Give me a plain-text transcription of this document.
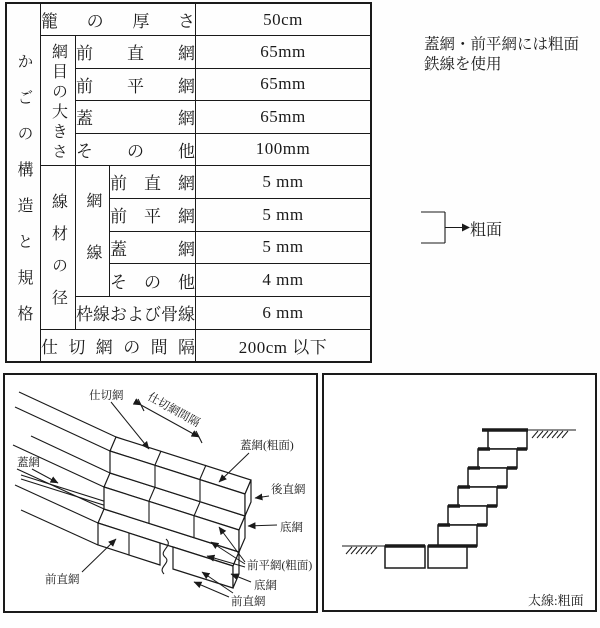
かごの構造と規格	籠の厚さ			50cm

	網目の大きさ	前直網		65mm
		前平網		65mm
		蓋網		65mm
		その他		100mm

	線材の径	網線	前直網	5 mm
			前平網	5 mm
			蓋網	5 mm
			その他	4 mm
		枠線および骨線		6 mm
	仕切網の間隔			200cm 以下
蓋網・前平網には粗面
鉄線を使用
粗面
仕切網 仕切網間隔
蓋網(粗面)
後直網
底網
前平網(粗面)
底網
前直網
蓋網
前直網
太線:粗面
